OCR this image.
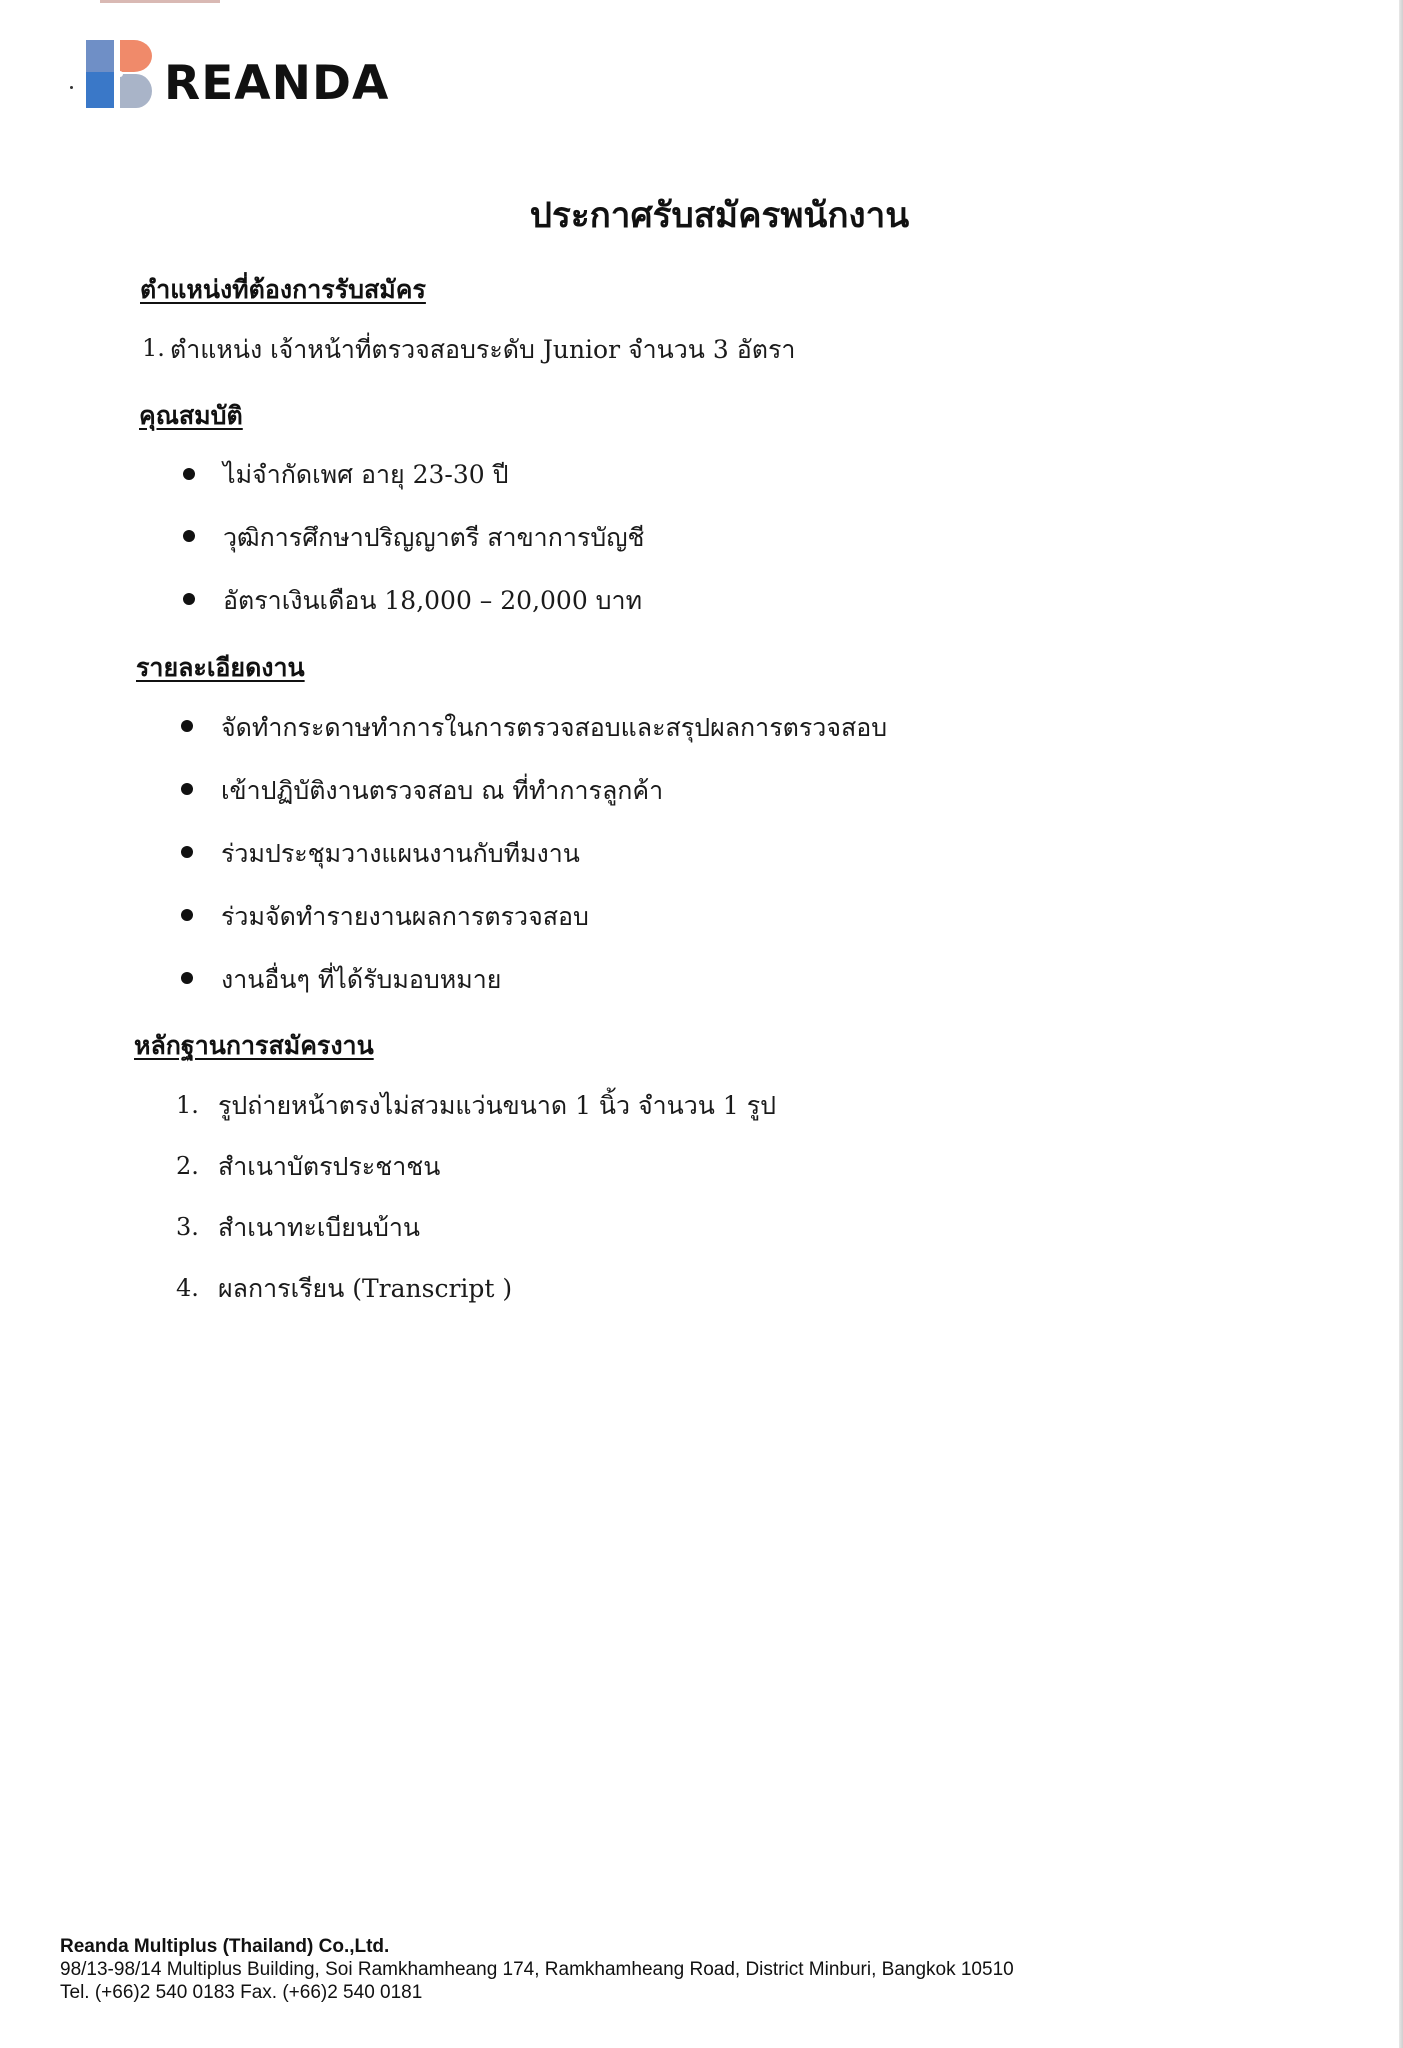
REANDA
ประกาศรับสมัครพนักงาน
ตำแหน่งที่ต้องการรับสมัคร
1. ตำแหน่ง เจ้าหน้าที่ตรวจสอบระดับ Junior จำนวน 3 อัตรา
คุณสมบัติ
ไม่จำกัดเพศ อายุ 23-30 ปี
วุฒิการศึกษาปริญญาตรี สาขาการบัญชี
อัตราเงินเดือน 18,000 – 20,000 บาท
รายละเอียดงาน
จัดทำกระดาษทำการในการตรวจสอบและสรุปผลการตรวจสอบ
เข้าปฏิบัติงานตรวจสอบ ณ ที่ทำการลูกค้า
ร่วมประชุมวางแผนงานกับทีมงาน
ร่วมจัดทำรายงานผลการตรวจสอบ
งานอื่นๆ ที่ได้รับมอบหมาย
หลักฐานการสมัครงาน
1. รูปถ่ายหน้าตรงไม่สวมแว่นขนาด 1 นิ้ว จำนวน 1 รูป
2. สำเนาบัตรประชาชน
3. สำเนาทะเบียนบ้าน
4. ผลการเรียน (Transcript )
Reanda Multiplus (Thailand) Co.,Ltd.
98/13-98/14 Multiplus Building, Soi Ramkhamheang 174, Ramkhamheang Road, District Minburi, Bangkok 10510
Tel. (+66)2 540 0183 Fax. (+66)2 540 0181
